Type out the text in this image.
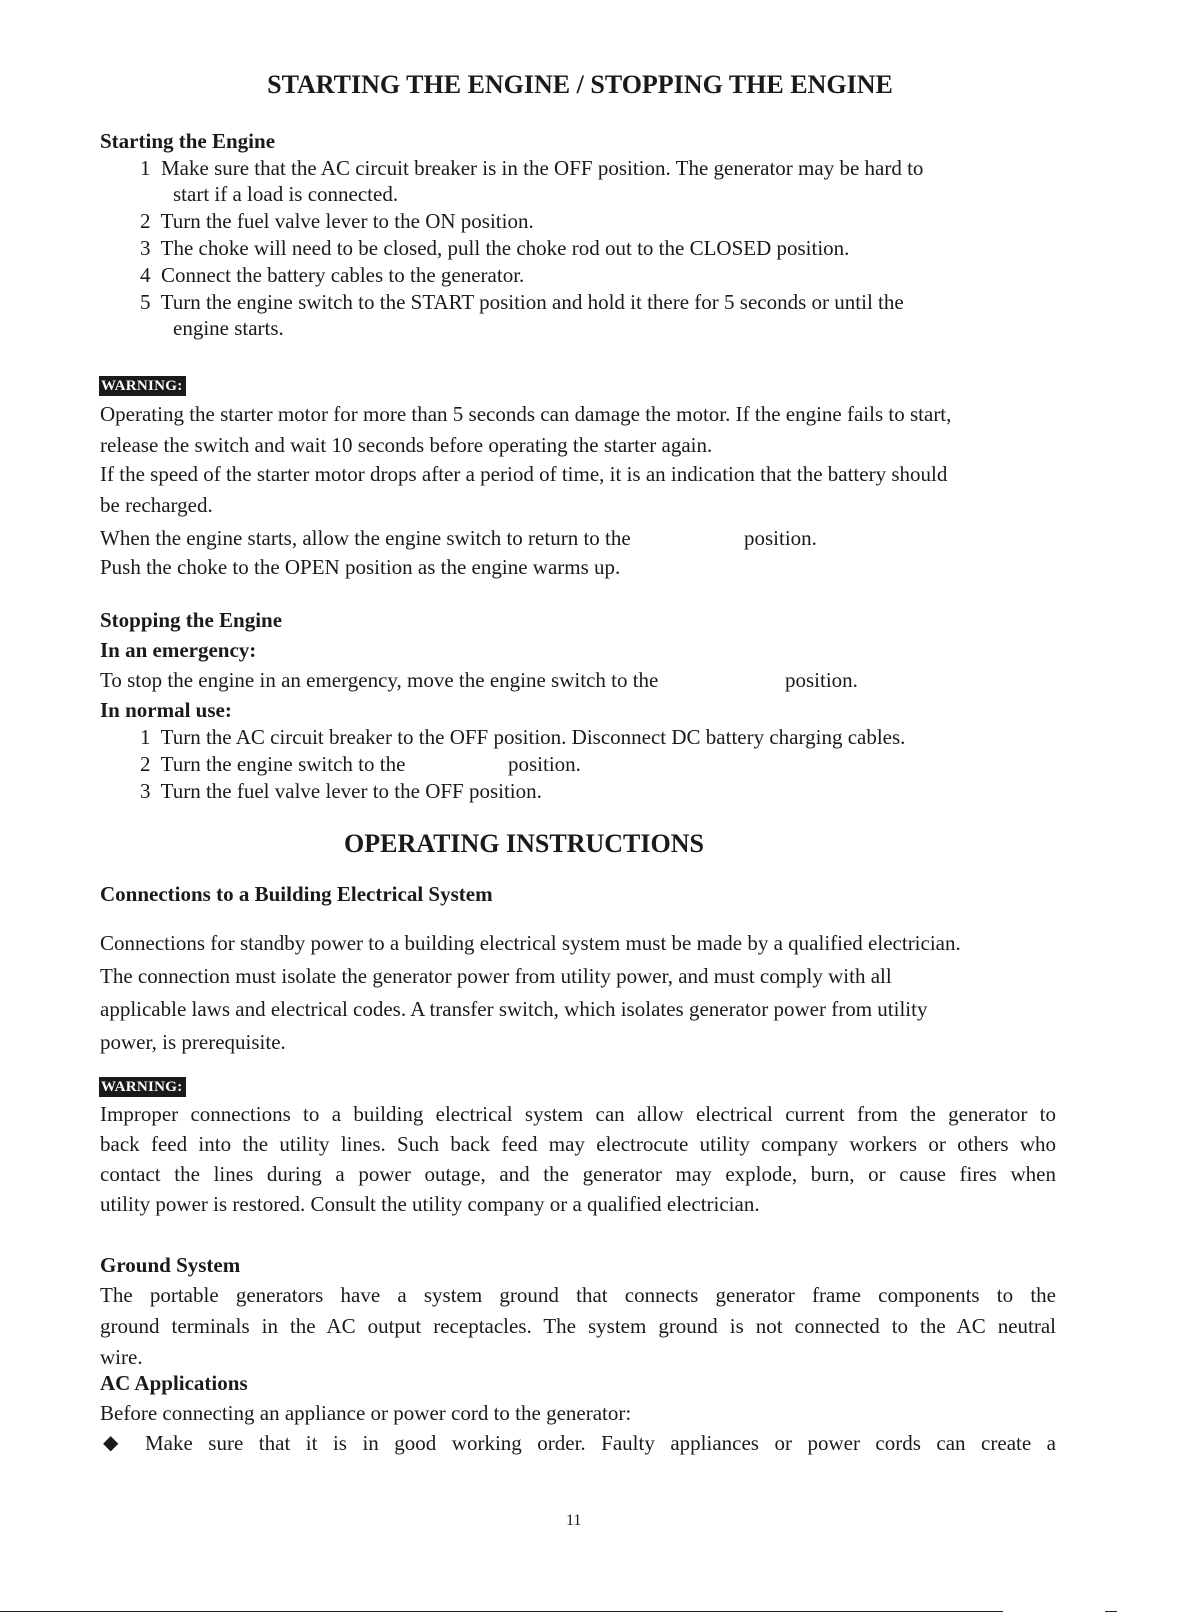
STARTING THE ENGINE / STOPPING THE ENGINE
Starting the Engine
1 Make sure that the AC circuit breaker is in the OFF position. The generator may be hard to
start if a load is connected.
2 Turn the fuel valve lever to the ON position.
3 The choke will need to be closed, pull the choke rod out to the CLOSED position.
4 Connect the battery cables to the generator.
5 Turn the engine switch to the START position and hold it there for 5 seconds or until the
engine starts.
WARNING:
Operating the starter motor for more than 5 seconds can damage the motor. If the engine fails to start,
release the switch and wait 10 seconds before operating the starter again.
If the speed of the starter motor drops after a period of time, it is an indication that the battery should
be recharged.
When the engine starts, allow the engine switch to return to the	position.
Push the choke to the OPEN position as the engine warms up.
Stopping the Engine
In an emergency:
To stop the engine in an emergency, move the engine switch to the	position.
In normal use:
1 Turn the AC circuit breaker to the OFF position. Disconnect DC battery charging cables.
2 Turn the engine switch to the	position.
3 Turn the fuel valve lever to the OFF position.
OPERATING INSTRUCTIONS
Connections to a Building Electrical System
Connections for standby power to a building electrical system must be made by a qualified electrician.
The connection must isolate the generator power from utility power, and must comply with all
applicable laws and electrical codes. A transfer switch, which isolates generator power from utility
power, is prerequisite.
WARNING:
Improper connections to a building electrical system can allow electrical current from the generator to
back feed into the utility lines. Such back feed may electrocute utility company workers or others who
contact the lines during a power outage, and the generator may explode, burn, or cause fires when
utility power is restored. Consult the utility company or a qualified electrician.
Ground System
The portable generators have a system ground that connects generator frame components to the
ground terminals in the AC output receptacles. The system ground is not connected to the AC neutral
wire.
AC Applications
Before connecting an appliance or power cord to the generator:
◆ Make sure that it is in good working order. Faulty appliances or power cords can create a
11
